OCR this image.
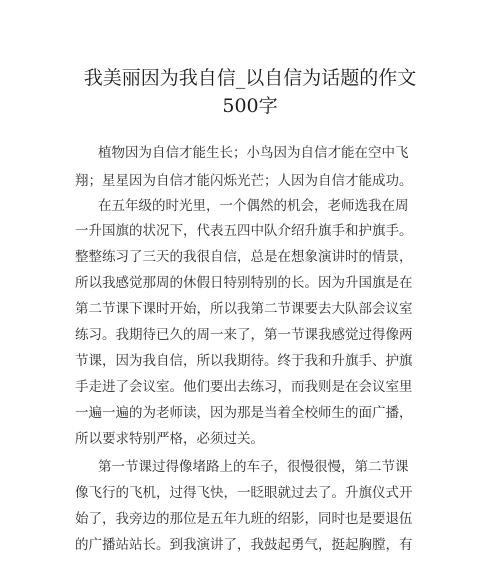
我美丽因为我自信_以自信为话题的作文
500字

植物因为自信才能生长；小鸟因为自信才能在空中飞

翔；星星因为自信才能闪烁光芒；人因为自信才能成功。

在五年级的时光里，一个偶然的机会，老师选我在周

一升国旗的状况下，代表五四中队介绍升旗手和护旗手。

整整练习了三天的我很自信，总是在想象演讲时的情景，

所以我感觉那周的休假日特别特别的长。因为升国旗是在

第二节课下课时开始，所以我第二节课要去大队部会议室

练习。我期待已久的周一来了，第一节课我感觉过得像两

节课，因为我自信，所以我期待。终于我和升旗手、护旗

手走进了会议室。他们要出去练习，而我则是在会议室里

一遍一遍的为老师读，因为那是当着全校师生的面广播，

所以要求特别严格，必须过关。

第一节课过得像堵路上的车子，很慢很慢，第二节课

像飞行的飞机，过得飞快，一眨眼就过去了。升旗仪式开

始了，我旁边的那位是五年九班的绍影，同时也是要退伍

的广播站站长。到我演讲了，我鼓起勇气，挺起胸膛，有
